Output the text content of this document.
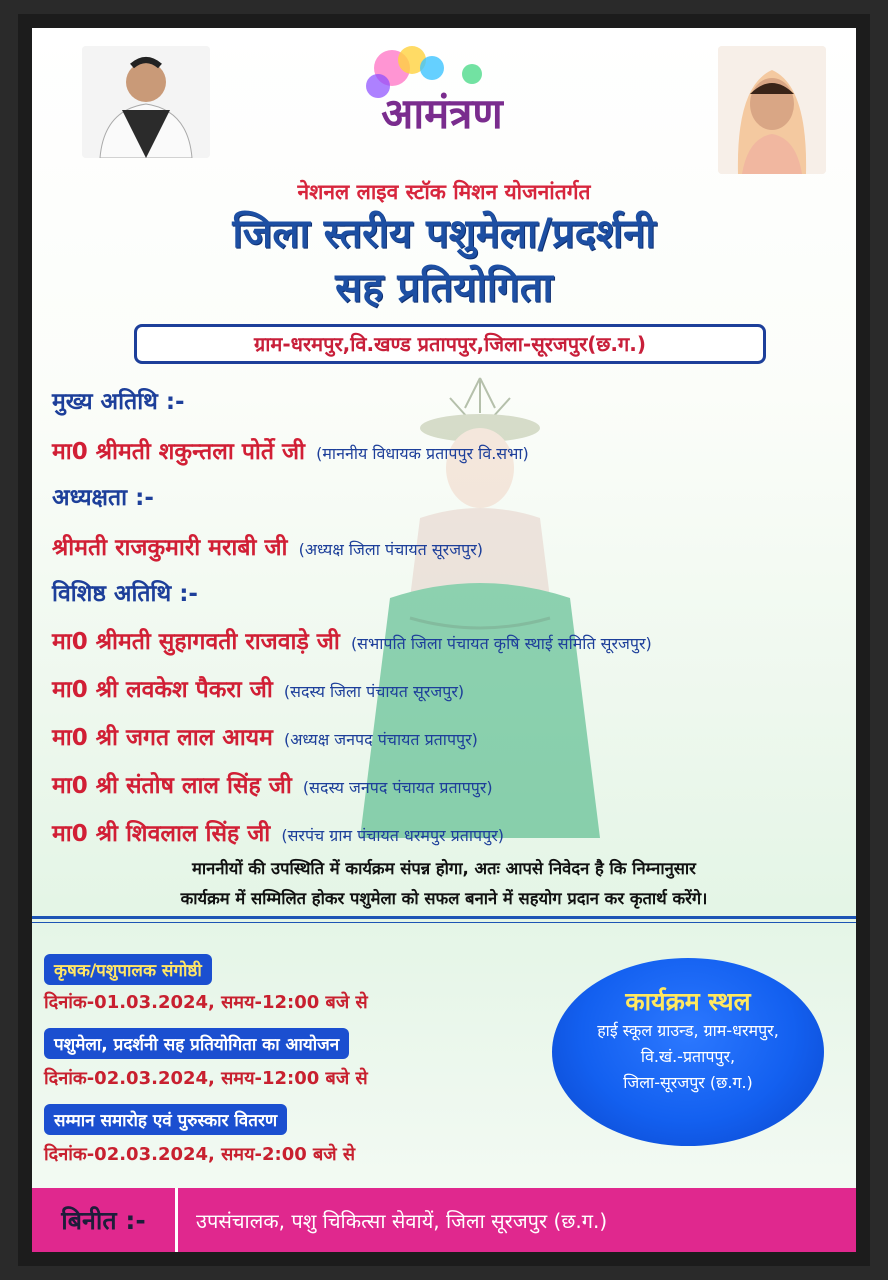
आमंत्रण
नेशनल लाइव स्टॉक मिशन योजनांतर्गत
जिला स्तरीय पशुमेला/प्रदर्शनी
सह प्रतियोगिता
ग्राम-धरमपुर,वि.खण्ड प्रतापपुर,जिला-सूरजपुर(छ.ग.)
मुख्य अतिथि :-
मा0 श्रीमती शकुन्तला पोर्ते जी (माननीय विधायक प्रतापपुर वि.सभा)
अध्यक्षता :-
श्रीमती राजकुमारी मराबी जी (अध्यक्ष जिला पंचायत सूरजपुर)
विशिष्ठ अतिथि :-
मा0 श्रीमती सुहागवती राजवाड़े जी (सभापति जिला पंचायत कृषि स्थाई समिति सूरजपुर)
मा0 श्री लवकेश पैकरा जी (सदस्य जिला पंचायत सूरजपुर)
मा0 श्री जगत लाल आयम (अध्यक्ष जनपद पंचायत प्रतापपुर)
मा0 श्री संतोष लाल सिंह जी (सदस्य जनपद पंचायत प्रतापपुर)
मा0 श्री शिवलाल सिंह जी (सरपंच ग्राम पंचायत धरमपुर प्रतापपुर)
माननीयों की उपस्थिति में कार्यक्रम संपन्न होगा, अतः आपसे निवेदन है कि निम्नानुसार
कार्यक्रम में सम्मिलित होकर पशुमेला को सफल बनाने में सहयोग प्रदान कर कृतार्थ करेंगे।
कृषक/पशुपालक संगोष्ठी
दिनांक-01.03.2024, समय-12:00 बजे से
पशुमेला, प्रदर्शनी सह प्रतियोगिता का आयोजन
दिनांक-02.03.2024, समय-12:00 बजे से
सम्मान समारोह एवं पुरुस्कार वितरण
दिनांक-02.03.2024, समय-2:00 बजे से
कार्यक्रम स्थल
हाई स्कूल ग्राउन्ड, ग्राम-धरमपुर,
वि.खं.-प्रतापपुर,
जिला-सूरजपुर (छ.ग.)
बिनीत :-	उपसंचालक, पशु चिकित्सा सेवायें, जिला सूरजपुर (छ.ग.)
